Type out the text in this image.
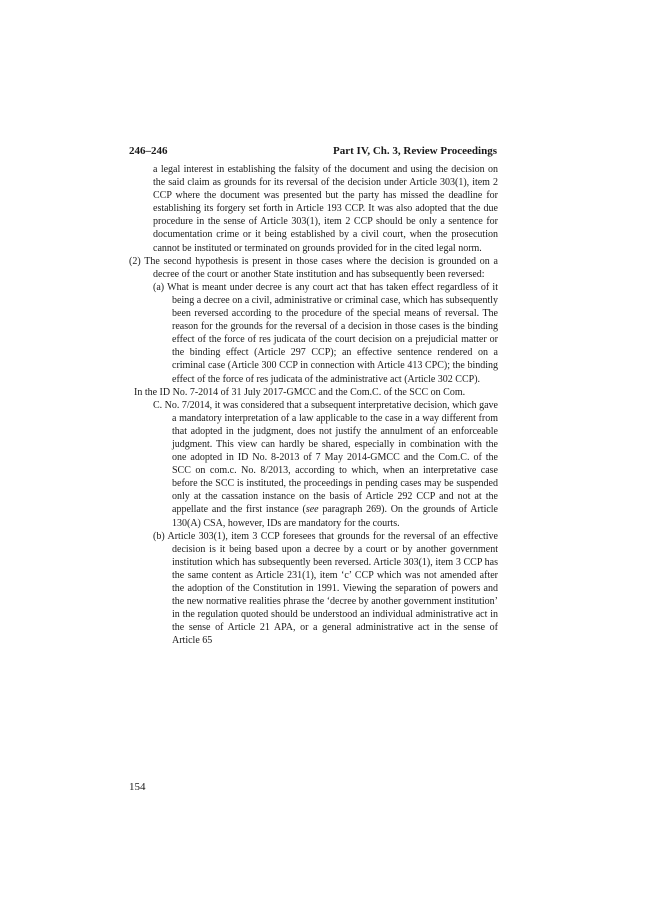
246–246	Part IV, Ch. 3, Review Proceedings

a legal interest in establishing the falsity of the document and using the decision on the said claim as grounds for its reversal of the decision under Article 303(1), item 2 CCP where the document was presented but the party has missed the deadline for establishing its forgery set forth in Article 193 CCP. It was also adopted that the due procedure in the sense of Article 303(1), item 2 CCP should be only a sentence for documentation crime or it being established by a civil court, when the prosecution cannot be instituted or terminated on grounds provided for in the cited legal norm.

(2) The second hypothesis is present in those cases where the decision is grounded on a decree of the court or another State institution and has subsequently been reversed:

(a) What is meant under decree is any court act that has taken effect regardless of it being a decree on a civil, administrative or criminal case, which has subsequently been reversed according to the procedure of the special means of reversal. The reason for the grounds for the reversal of a decision in those cases is the binding effect of the force of res judicata of the court decision on a prejudicial matter or the binding effect (Article 297 CCP); an effective sentence rendered on a criminal case (Article 300 CCP in connection with Article 413 CPC); the binding effect of the force of res judicata of the administrative act (Article 302 CCP).

In the ID No. 7-2014 of 31 July 2017-GMCC and the Com.C. of the SCC on Com.

C. No. 7/2014, it was considered that a subsequent interpretative decision, which gave a mandatory interpretation of a law applicable to the case in a way different from that adopted in the judgment, does not justify the annulment of an enforceable judgment. This view can hardly be shared, especially in combination with the one adopted in ID No. 8-2013 of 7 May 2014-GMCC and the Com.C. of the SCC on com.c. No. 8/2013, according to which, when an interpretative case before the SCC is instituted, the proceedings in pending cases may be suspended only at the cassation instance on the basis of Article 292 CCP and not at the appellate and the first instance (see paragraph 269). On the grounds of Article 130(A) CSA, however, IDs are mandatory for the courts.

(b) Article 303(1), item 3 CCP foresees that grounds for the reversal of an effective decision is it being based upon a decree by a court or by another government institution which has subsequently been reversed. Article 303(1), item 3 CCP has the same content as Article 231(1), item ‘c’ CCP which was not amended after the adoption of the Constitution in 1991. Viewing the separation of powers and the new normative realities phrase the ‘decree by another government institution’ in the regulation quoted should be understood an individual administrative act in the sense of Article 21 APA, or a general administrative act in the sense of Article 65

154
